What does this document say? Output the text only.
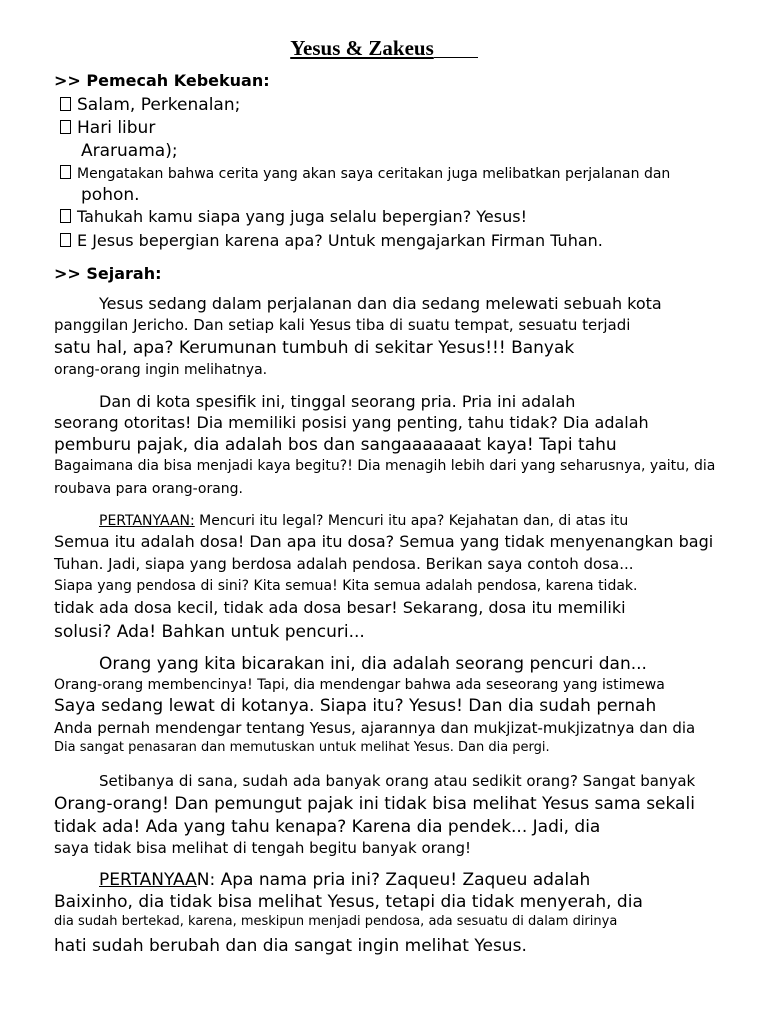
Yesus & Zakeus
>> Pemecah Kebekuan:
Salam, Perkenalan;
Hari libur
Araruama);
Mengatakan bahwa cerita yang akan saya ceritakan juga melibatkan perjalanan dan
pohon.
Tahukah kamu siapa yang juga selalu bepergian? Yesus!
E Jesus bepergian karena apa? Untuk mengajarkan Firman Tuhan.
>> Sejarah:
Yesus sedang dalam perjalanan dan dia sedang melewati sebuah kota
panggilan Jericho. Dan setiap kali Yesus tiba di suatu tempat, sesuatu terjadi
satu hal, apa? Kerumunan tumbuh di sekitar Yesus!!! Banyak
orang-orang ingin melihatnya.
Dan di kota spesifik ini, tinggal seorang pria. Pria ini adalah
seorang otoritas! Dia memiliki posisi yang penting, tahu tidak? Dia adalah
pemburu pajak, dia adalah bos dan sangaaaaaaat kaya! Tapi tahu
Bagaimana dia bisa menjadi kaya begitu?! Dia menagih lebih dari yang seharusnya, yaitu, dia
roubava para orang-orang.
PERTANYAAN: Mencuri itu legal? Mencuri itu apa? Kejahatan dan, di atas itu
Semua itu adalah dosa! Dan apa itu dosa? Semua yang tidak menyenangkan bagi
Tuhan. Jadi, siapa yang berdosa adalah pendosa. Berikan saya contoh dosa...
Siapa yang pendosa di sini? Kita semua! Kita semua adalah pendosa, karena tidak.
tidak ada dosa kecil, tidak ada dosa besar! Sekarang, dosa itu memiliki
solusi? Ada! Bahkan untuk pencuri...
Orang yang kita bicarakan ini, dia adalah seorang pencuri dan...
Orang-orang membencinya! Tapi, dia mendengar bahwa ada seseorang yang istimewa
Saya sedang lewat di kotanya. Siapa itu? Yesus! Dan dia sudah pernah
Anda pernah mendengar tentang Yesus, ajarannya dan mukjizat-mukjizatnya dan dia
Dia sangat penasaran dan memutuskan untuk melihat Yesus. Dan dia pergi.
Setibanya di sana, sudah ada banyak orang atau sedikit orang? Sangat banyak
Orang-orang! Dan pemungut pajak ini tidak bisa melihat Yesus sama sekali
tidak ada! Ada yang tahu kenapa? Karena dia pendek... Jadi, dia
saya tidak bisa melihat di tengah begitu banyak orang!
PERTANYAAN: Apa nama pria ini? Zaqueu! Zaqueu adalah
Baixinho, dia tidak bisa melihat Yesus, tetapi dia tidak menyerah, dia
dia sudah bertekad, karena, meskipun menjadi pendosa, ada sesuatu di dalam dirinya
hati sudah berubah dan dia sangat ingin melihat Yesus.
